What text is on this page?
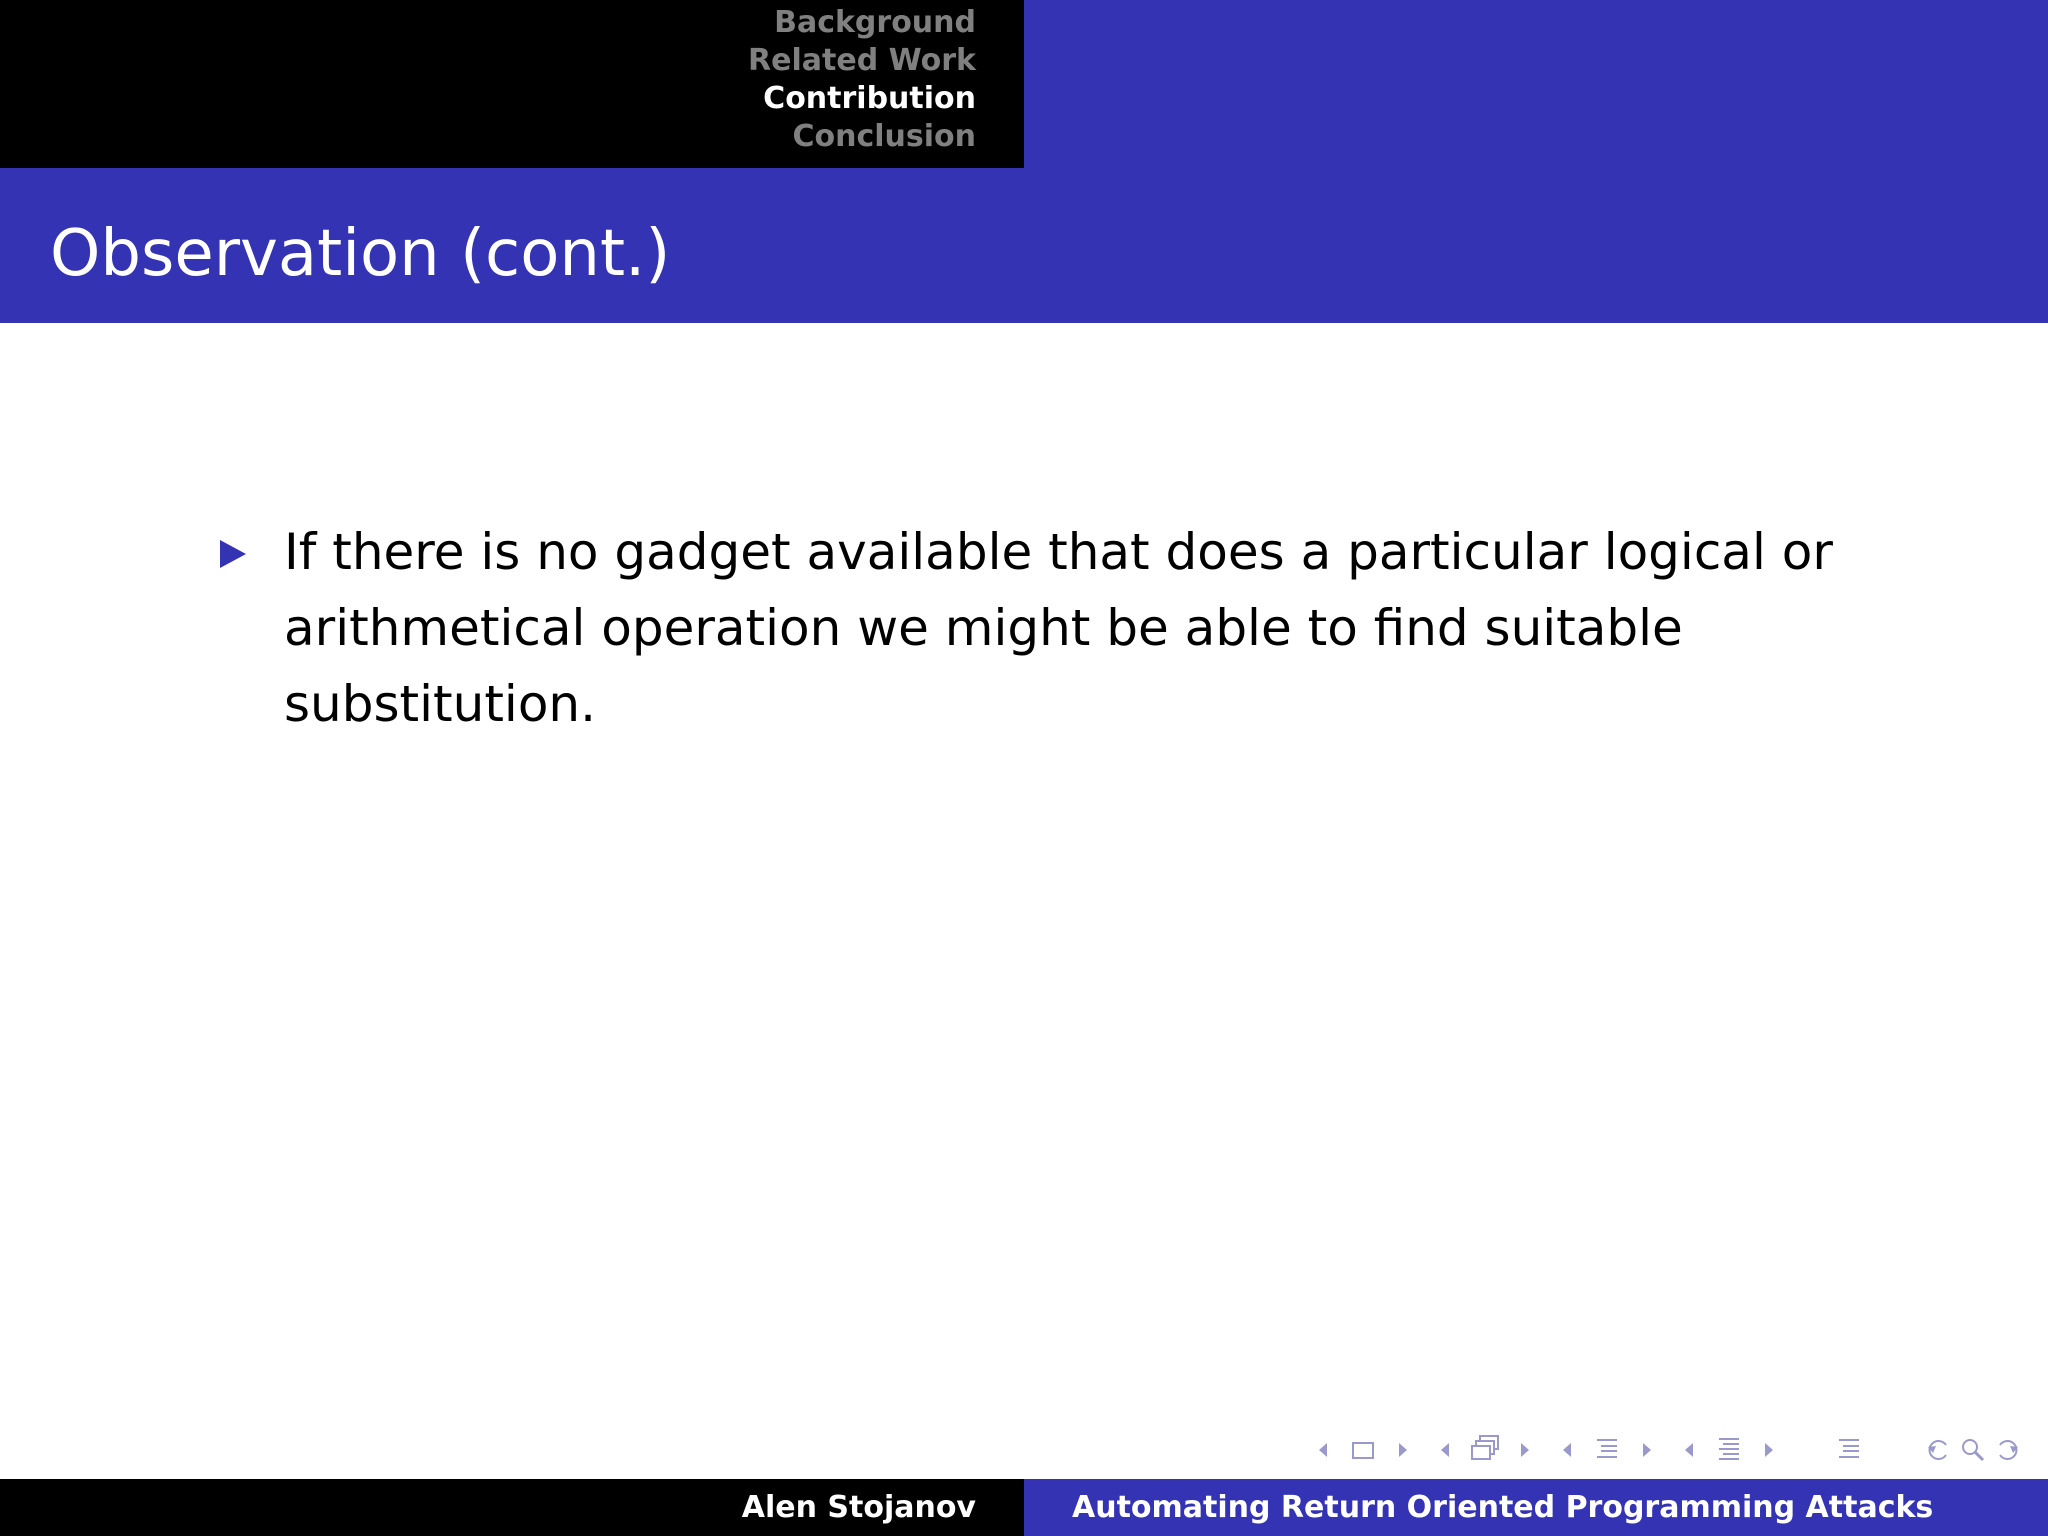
Background
Related Work
Contribution
Conclusion
Observation (cont.)
If there is no gadget available that does a particular logical or arithmetical operation we might be able to find suitable substitution.
Alen Stojanov	Automating Return Oriented Programming Attacks
